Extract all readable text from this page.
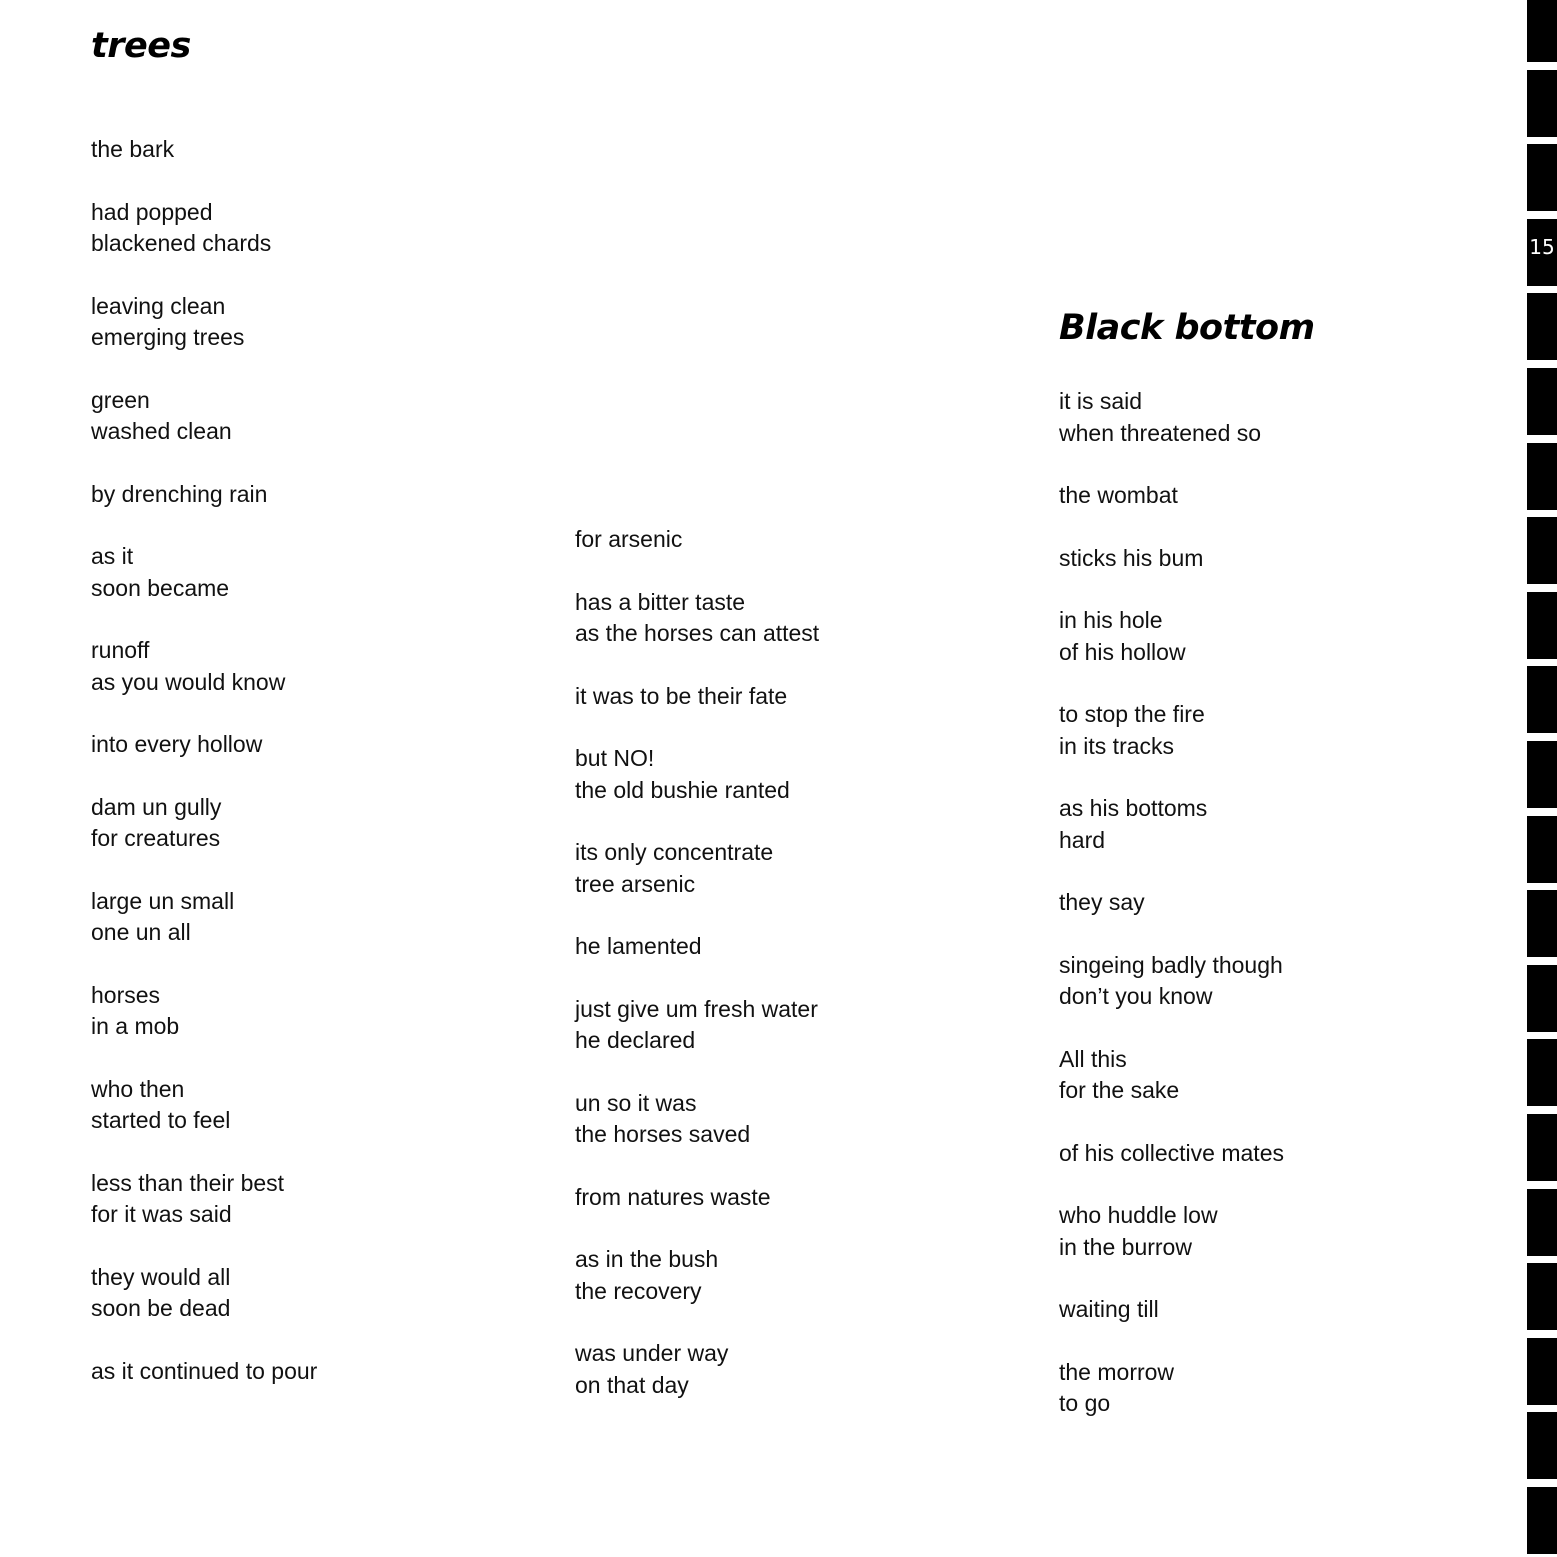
trees
the bark
had popped
blackened chards
leaving clean
emerging trees
green
washed clean
by drenching rain
as it
soon became
runoff
as you would know
into every hollow
dam un gully
for creatures
large un small
one un all
horses
in a mob
who then
started to feel
less than their best
for it was said
they would all
soon be dead
as it continued to pour
for arsenic
has a bitter taste
as the horses can attest
it was to be their fate
but NO!
the old bushie ranted
its only concentrate
tree arsenic
he lamented
just give um fresh water
he declared
un so it was
the horses saved
from natures waste
as in the bush
the recovery
was under way
on that day
Black bottom
it is said
when threatened so
the wombat
sticks his bum
in his hole
of his hollow
to stop the fire
in its tracks
as his bottoms
hard
they say
singeing badly though
don’t you know
All this
for the sake
of his collective mates
who huddle low
in the burrow
waiting till
the morrow
to go
15
